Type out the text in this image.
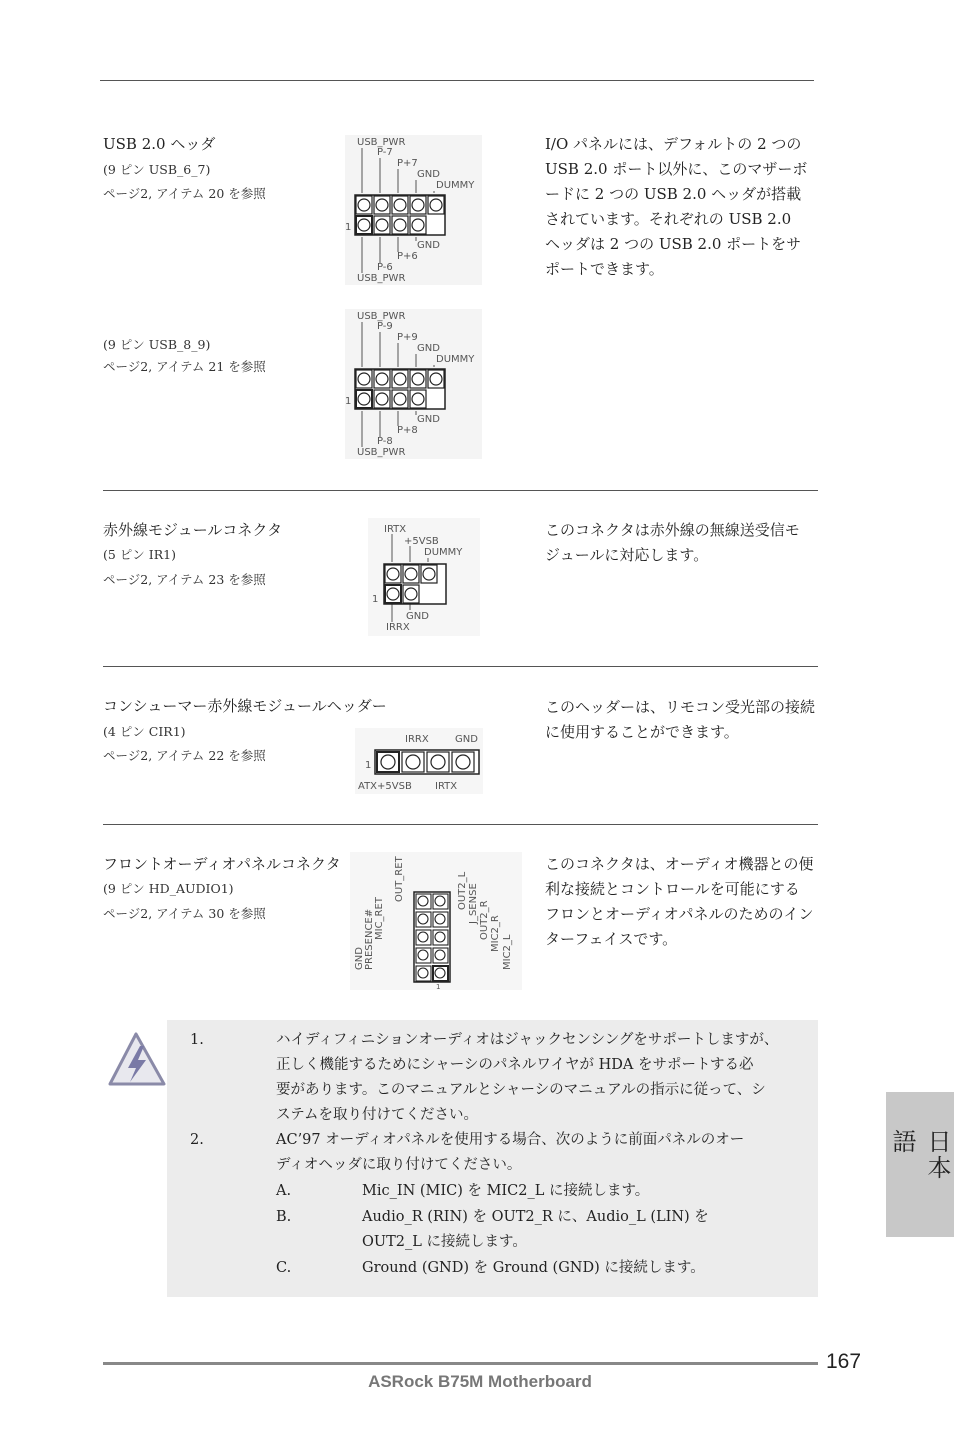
USB 2.0 ヘッダ
(9 ピン USB_6_7)
ページ2, アイテム 20 を参照
USB_PWR
P-7
P+7
GND
DUMMY
1
GND
P+6
P-6
USB_PWR
I/O パネルには、デフォルトの 2 つの
USB 2.0 ポート以外に、このマザーボ
ードに 2 つの USB 2.0 ヘッダが搭載
されています。それぞれの USB 2.0
ヘッダは 2 つの USB 2.0 ポートをサ
ポートできます。
(9 ピン USB_8_9)
ページ2, アイテム 21 を参照
USB_PWR
P-9
P+9
GND
DUMMY
1
GND
P+8
P-8
USB_PWR
赤外線モジュールコネクタ
(5 ピン IR1)
ページ2, アイテム 23 を参照
IRTX
+5VSB
DUMMY
1
GND
IRRX
このコネクタは赤外線の無線送受信モ
ジュールに対応します。
コンシューマー赤外線モジュールヘッダー
(4 ピン CIR1)
ページ2, アイテム 22 を参照
IRRX	GND
1
ATX+5VSB IRTX
このヘッダーは、リモコン受光部の接続
に使用することができます。
フロントオーディオパネルコネクタ
(9 ピン HD_AUDIO1)
ページ2, アイテム 30 を参照
GND PRESENCE# MIC_RET
OUT_RET	OUT2_L J_SENSE OUT2_R MIC2_R
MIC2_L
1
このコネクタは、オーディオ機器との便
利な接続とコントロールを可能にする
フロンとオーディオパネルのためのイン
ターフェイスです。
1.	ハイディフィニションオーディオはジャックセンシングをサポートしますが、
正しく機能するためにシャーシのパネルワイヤが HDA をサポートする必
要があります。このマニュアルとシャーシのマニュアルの指示に従って、シ
ステムを取り付けてください。
2.	AC’97 オーディオパネルを使用する場合、次のように前面パネルのオー
ディオヘッダに取り付けてください。
A.	Mic_IN (MIC) を MIC2_L に接続します。
B.	Audio_R (RIN) を OUT2_R に、Audio_L (LIN) を
OUT2_L に接続します。
C.	Ground (GND) を Ground (GND) に接続します。
日本語
167
ASRock B75M Motherboard
